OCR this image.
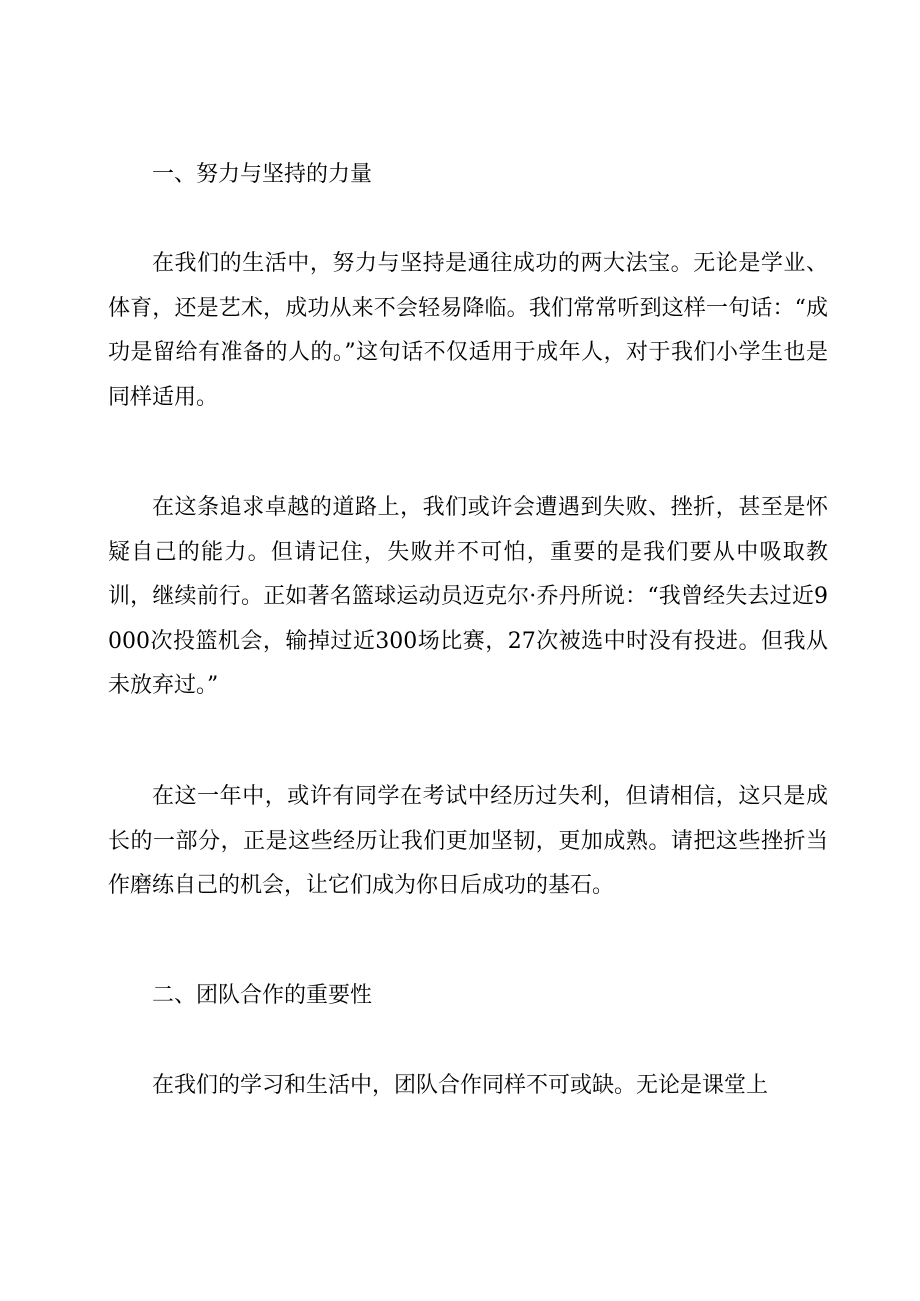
一、努力与坚持的力量

在我们的生活中，努力与坚持是通往成功的两大法宝。无论是学业、体育，还是艺术，成功从来不会轻易降临。我们常常听到这样一句话：“成功是留给有准备的人的。”这句话不仅适用于成年人，对于我们小学生也是同样适用。

在这条追求卓越的道路上，我们或许会遭遇到失败、挫折，甚至是怀疑自己的能力。但请记住，失败并不可怕，重要的是我们要从中吸取教训，继续前行。正如著名篮球运动员迈克尔·乔丹所说：“我曾经失去过近9000次投篮机会，输掉过近300场比赛，27次被选中时没有投进。但我从未放弃过。”

在这一年中，或许有同学在考试中经历过失利，但请相信，这只是成长的一部分，正是这些经历让我们更加坚韧，更加成熟。请把这些挫折当作磨练自己的机会，让它们成为你日后成功的基石。

二、团队合作的重要性

在我们的学习和生活中，团队合作同样不可或缺。无论是课堂上
